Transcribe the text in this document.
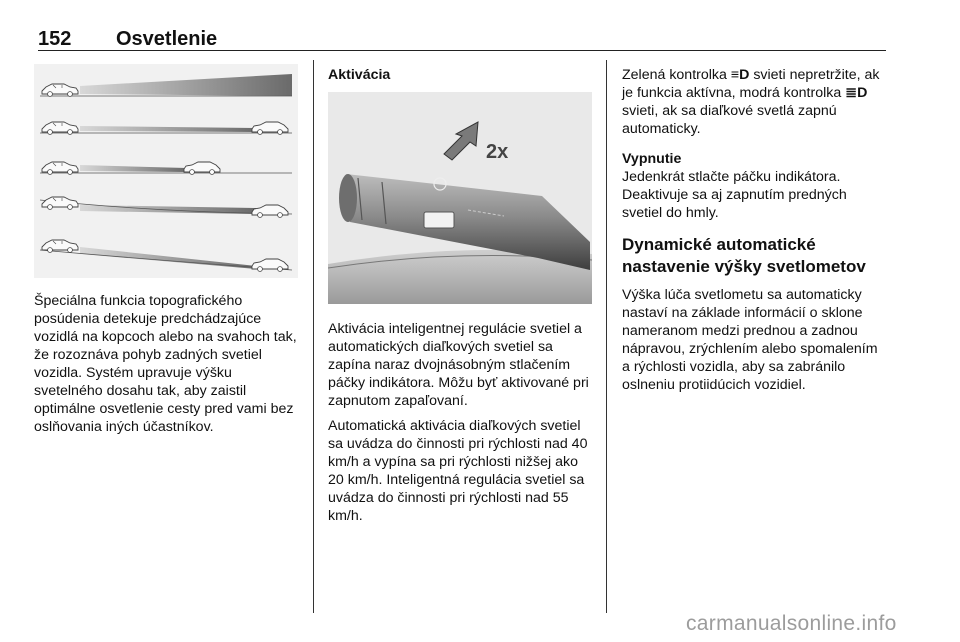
152 Osvetlenie

Špeciálna funkcia topografického posúdenia detekuje predchádzajúce vozidlá na kopcoch alebo na svahoch tak, že rozoznáva pohyb zadných svetiel vozidla. Systém upravuje výšku svetelného dosahu tak, aby zaistil optimálne osvetlenie cesty pred vami bez oslňovania iných účastníkov.

Aktivácia
2x

Aktivácia inteligentnej regulácie svetiel a automatických diaľkových svetiel sa zapína naraz dvojnásobným stlačením páčky indikátora. Môžu byť aktivované pri zapnutom zapaľovaní.

Automatická aktivácia diaľkových svetiel sa uvádza do činnosti pri rýchlosti nad 40 km/h a vypína sa pri rýchlosti nižšej ako 20 km/h. Inteligentná regulácia svetiel sa uvádza do činnosti pri rýchlosti nad 55 km/h.

Zelená kontrolka ≡D svieti nepretržite, ak je funkcia aktívna, modrá kontrolka ≣D svieti, ak sa diaľkové svetlá zapnú automaticky.

Vypnutie

Jedenkrát stlačte páčku indikátora. Deaktivuje sa aj zapnutím predných svetiel do hmly.

Dynamické automatické nastavenie výšky svetlometov

Výška lúča svetlometu sa automaticky nastaví na základe informácií o sklone nameranom medzi prednou a zadnou nápravou, zrýchlením alebo spomalením a rýchlosti vozidla, aby sa zabránilo oslneniu protiidúcich vozidiel.

carmanualsonline.info
